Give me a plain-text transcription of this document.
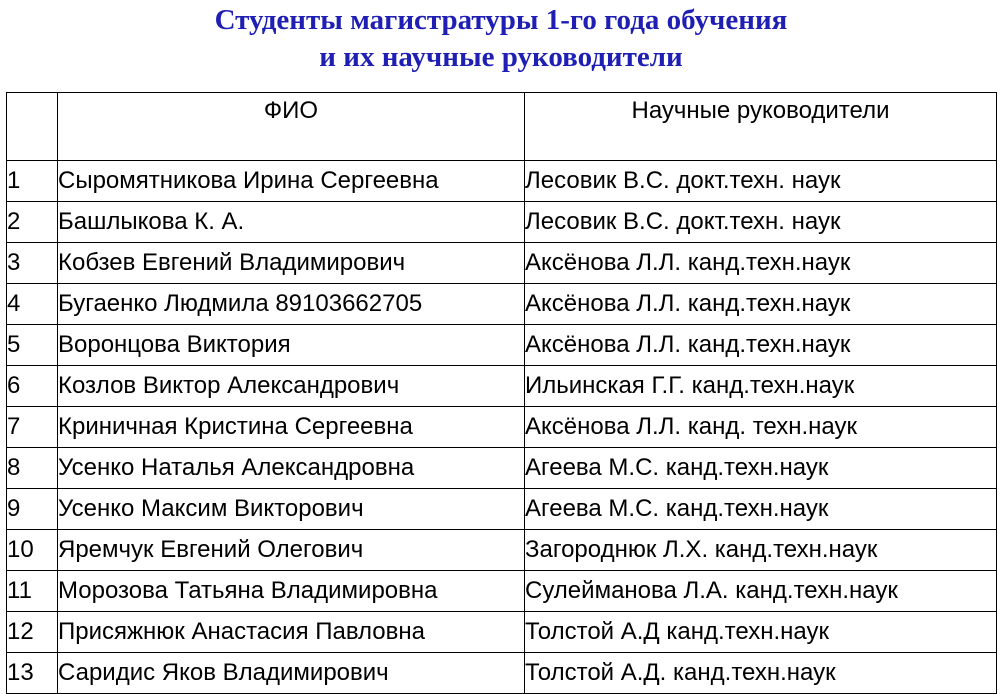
Студенты магистратуры 1-го года обучения
и их научные руководители
	ФИО	Научные руководители
1	Сыромятникова Ирина Сергеевна	Лесовик В.С. докт.техн. наук
2	Башлыкова К. А.	Лесовик В.С. докт.техн. наук
3	Кобзев Евгений Владимирович	Аксёнова Л.Л. канд.техн.наук
4	Бугаенко Людмила 89103662705	Аксёнова Л.Л. канд.техн.наук
5	Воронцова Виктория	Аксёнова Л.Л. канд.техн.наук
6	Козлов Виктор Александрович	Ильинская Г.Г. канд.техн.наук
7	Криничная Кристина Сергеевна	Аксёнова Л.Л. канд. техн.наук
8	Усенко Наталья Александровна	Агеева М.С. канд.техн.наук
9	Усенко Максим Викторович	Агеева М.С. канд.техн.наук
10	Яремчук Евгений Олегович	Загороднюк Л.Х. канд.техн.наук
11	Морозова Татьяна Владимировна	Сулейманова Л.А. канд.техн.наук
12	Присяжнюк Анастасия Павловна	Толстой А.Д канд.техн.наук
13	Саридис Яков Владимирович	Толстой А.Д. канд.техн.наук
